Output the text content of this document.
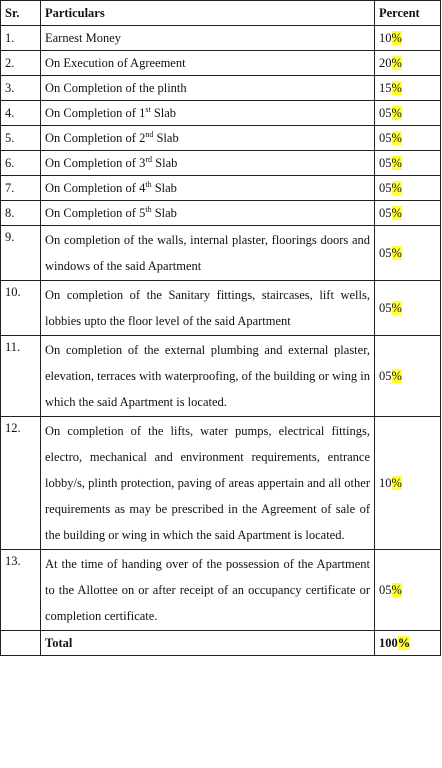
Sr.	Particulars	Percent
1.	Earnest Money	10%
2.	On Execution of Agreement	20%
3.	On Completion of the plinth	15%
4.	On Completion of 1st Slab	05%
5.	On Completion of 2nd Slab	05%
6.	On Completion of 3rd Slab	05%
7.	On Completion of 4th Slab	05%
8.	On Completion of 5th Slab	05%
9.	On completion of the walls, internal plaster, floorings doors and windows of the said Apartment	05%
10.	On completion of the Sanitary fittings, staircases, lift wells, lobbies upto the floor level of the said Apartment	05%
11.	On completion of the external plumbing and external plaster, elevation, terraces with waterproofing, of the building or wing in which the said Apartment is located.	05%
12.	On completion of the lifts, water pumps, electrical fittings, electro, mechanical and environment requirements, entrance lobby/s, plinth protection, paving of areas appertain and all other requirements as may be prescribed in the Agreement of sale of the building or wing in which the said Apartment is located.	10%
13.	At the time of handing over of the possession of the Apartment to the Allottee on or after receipt of an occupancy certificate or completion certificate.	05%
	Total	100%
